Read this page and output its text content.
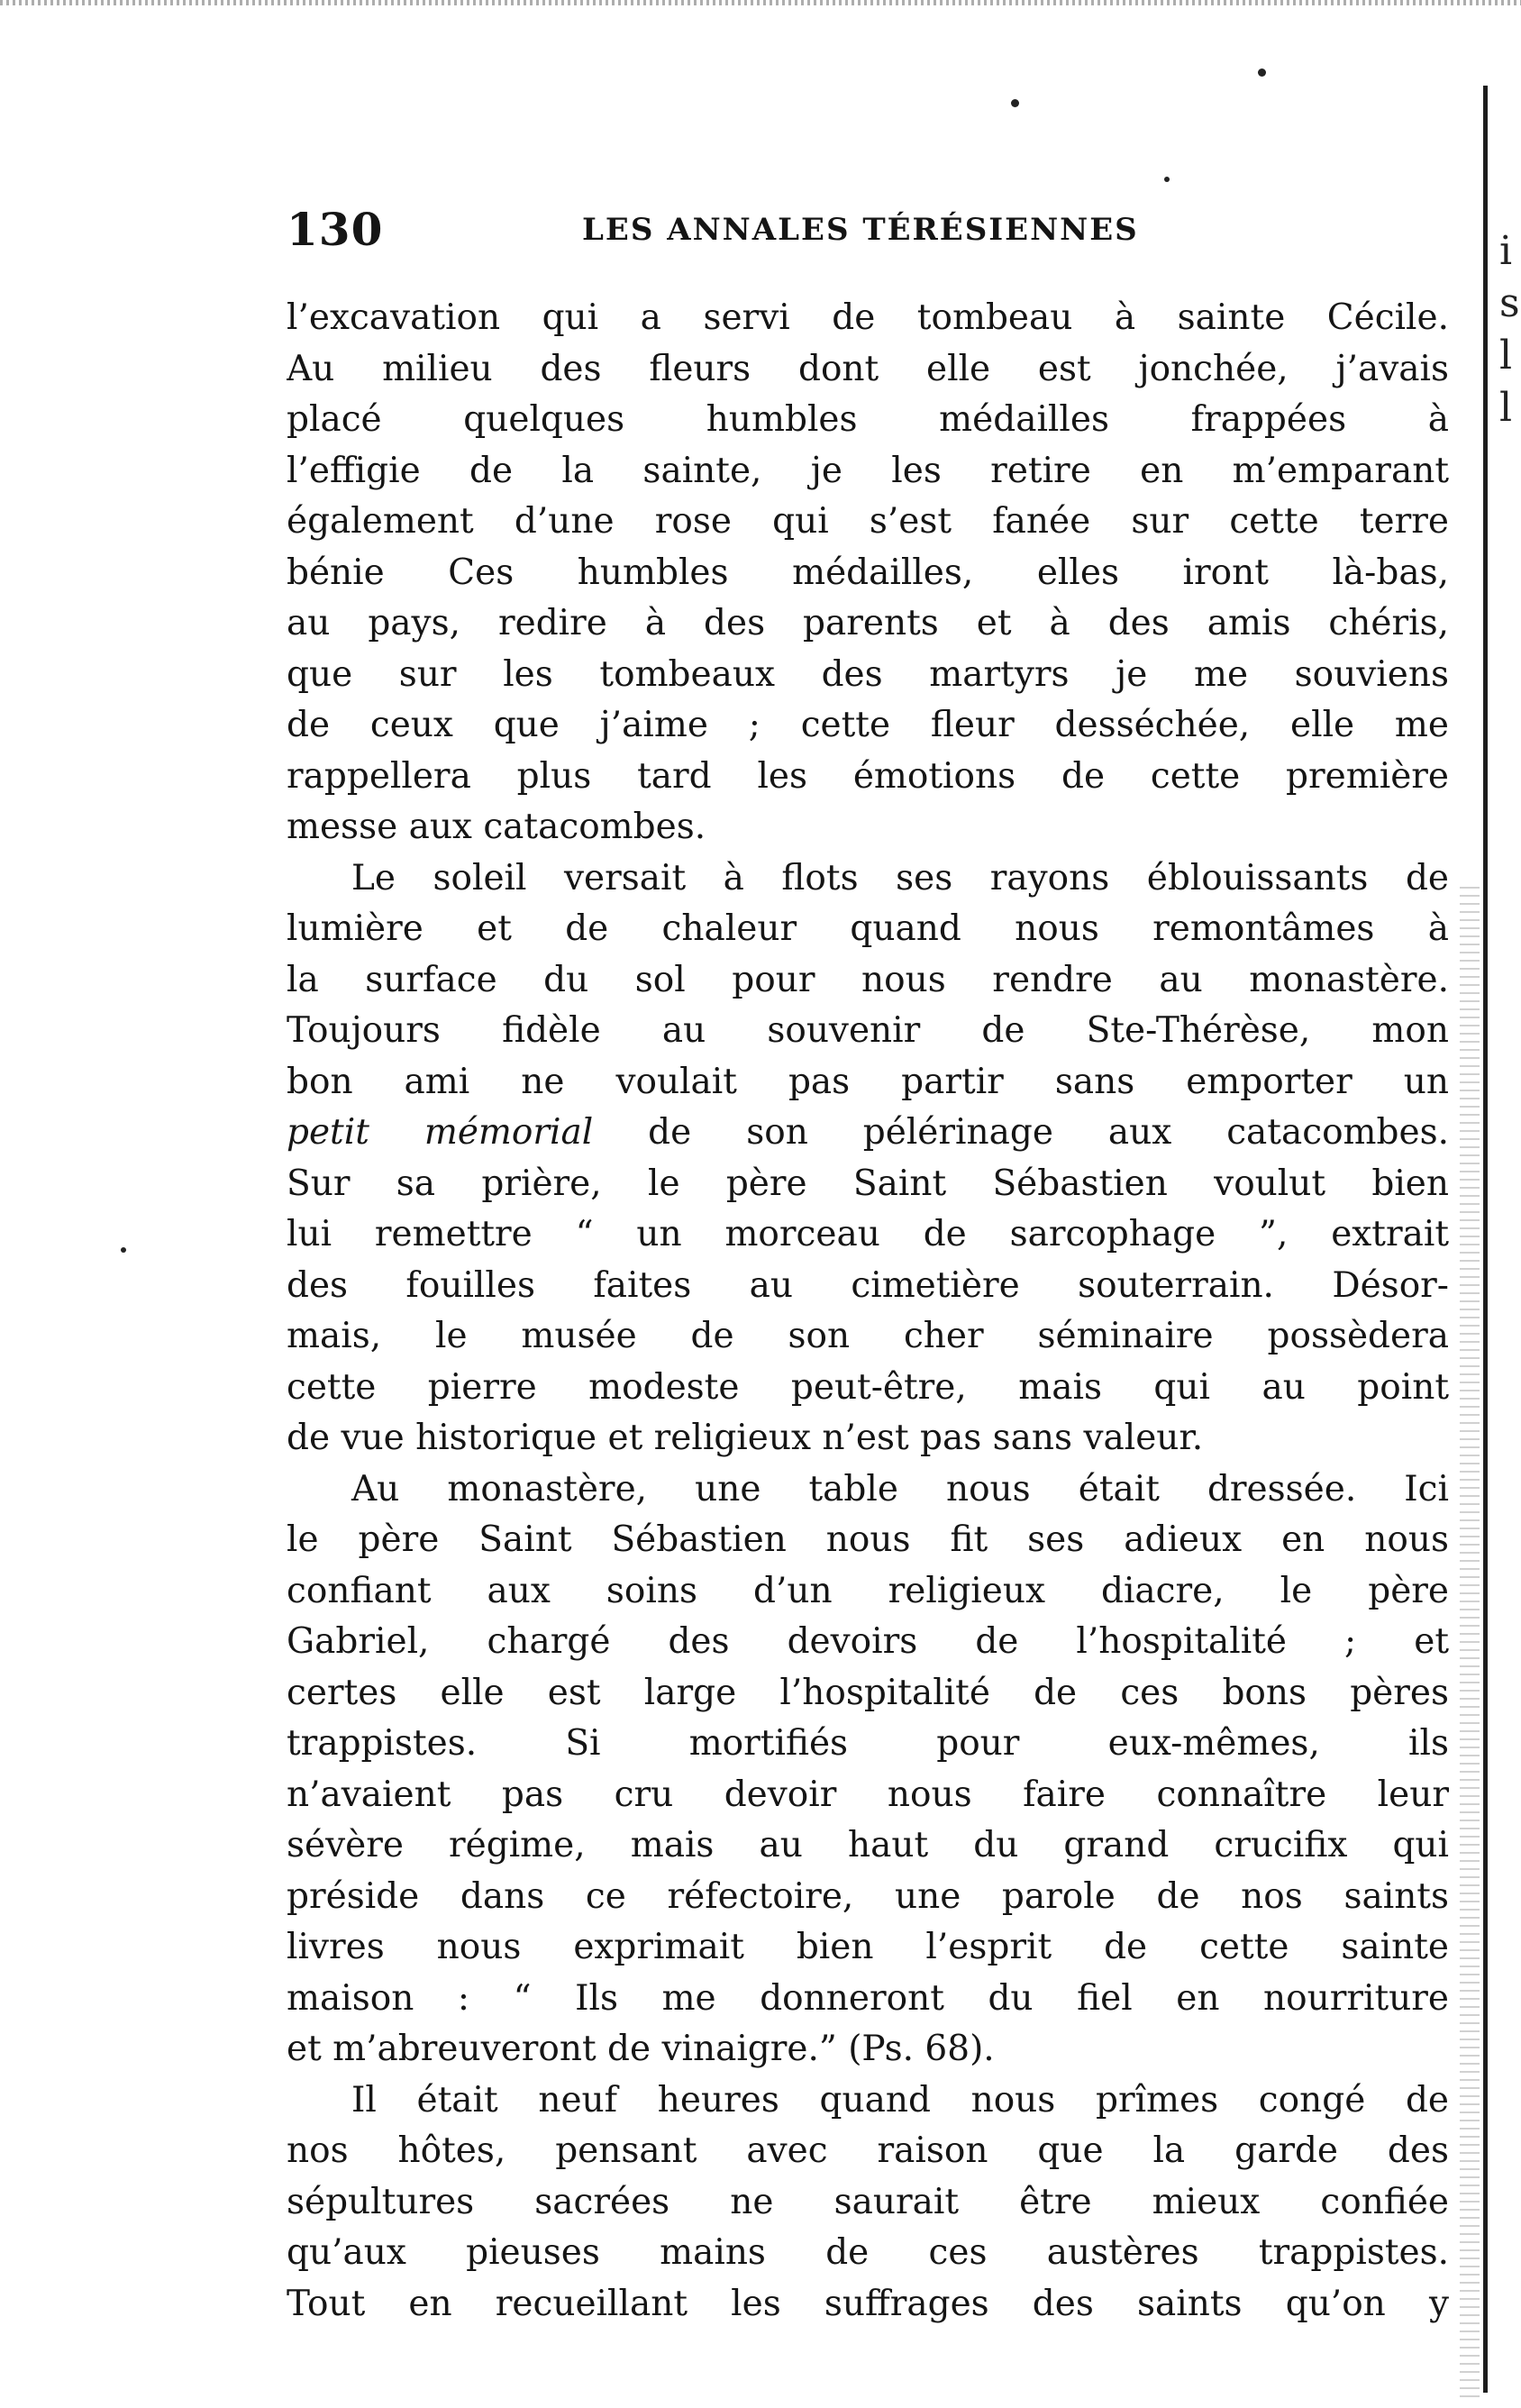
i
s
l
l
130	LES ANNALES TÉRÉSIENNES
l’excavation qui a servi de tombeau à sainte Cécile.
Au milieu des fleurs dont elle est jonchée, j’avais
placé quelques humbles médailles frappées à
l’effigie de la sainte, je les retire en m’emparant
également d’une rose qui s’est fanée sur cette terre
bénie Ces humbles médailles, elles iront là-bas,
au pays, redire à des parents et à des amis chéris,
que sur les tombeaux des martyrs je me souviens
de ceux que j’aime ; cette fleur desséchée, elle me
rappellera plus tard les émotions de cette première
messe aux catacombes.
Le soleil versait à flots ses rayons éblouissants de
lumière et de chaleur quand nous remontâmes à
la surface du sol pour nous rendre au monastère.
Toujours fidèle au souvenir de Ste-Thérèse, mon
bon ami ne voulait pas partir sans emporter un
petit mémorial de son pélérinage aux catacombes.
Sur sa prière, le père Saint Sébastien voulut bien
lui remettre “ un morceau de sarcophage ”, extrait
des fouilles faites au cimetière souterrain. Désor-
mais, le musée de son cher séminaire possèdera
cette pierre modeste peut-être, mais qui au point
de vue historique et religieux n’est pas sans valeur.
Au monastère, une table nous était dressée. Ici
le père Saint Sébastien nous fit ses adieux en nous
confiant aux soins d’un religieux diacre, le père
Gabriel, chargé des devoirs de l’hospitalité ; et
certes elle est large l’hospitalité de ces bons pères
trappistes. Si mortifiés pour eux-mêmes, ils
n’avaient pas cru devoir nous faire connaître leur
sévère régime, mais au haut du grand crucifix qui
préside dans ce réfectoire, une parole de nos saints
livres nous exprimait bien l’esprit de cette sainte
maison : “ Ils me donneront du fiel en nourriture
et m’abreuveront de vinaigre.” (Ps. 68).
Il était neuf heures quand nous prîmes congé de
nos hôtes, pensant avec raison que la garde des
sépultures sacrées ne saurait être mieux confiée
qu’aux pieuses mains de ces austères trappistes.
Tout en recueillant les suffrages des saints qu’on y
